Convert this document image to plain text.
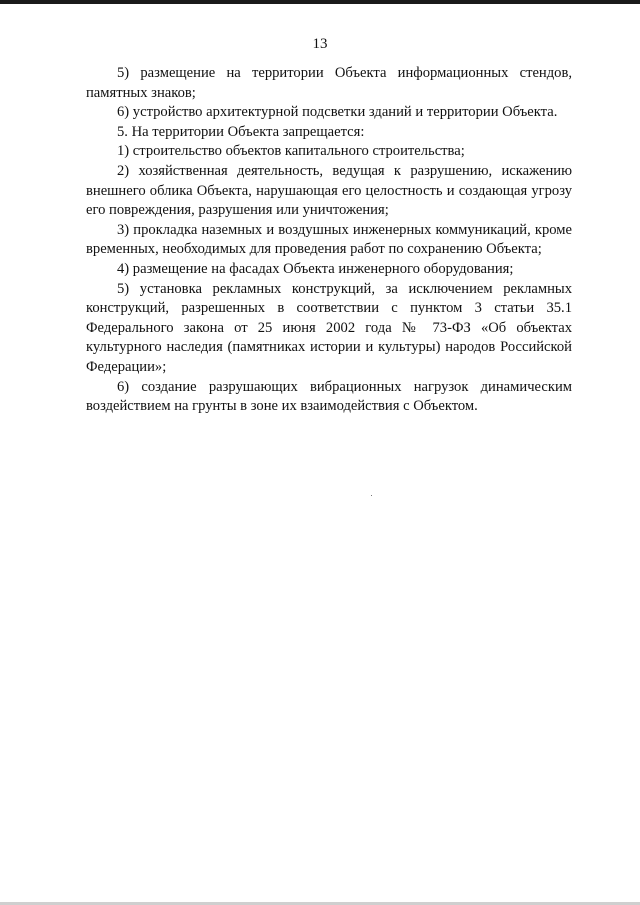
13

5) размещение на территории Объекта информационных стендов, памятных знаков;

6) устройство архитектурной подсветки зданий и территории Объекта.

5. На территории Объекта запрещается:

1) строительство объектов капитального строительства;

2) хозяйственная деятельность, ведущая к разрушению, искажению внешнего облика Объекта, нарушающая его целостность и создающая угрозу его повреждения, разрушения или уничтожения;

3) прокладка наземных и воздушных инженерных коммуникаций, кроме временных, необходимых для проведения работ по сохранению Объекта;

4) размещение на фасадах Объекта инженерного оборудования;

5) установка рекламных конструкций, за исключением рекламных конструкций, разрешенных в соответствии с пунктом 3 статьи 35.1 Федерального закона от 25 июня 2002 года № 73-ФЗ «Об объектах культурного наследия (памятниках истории и культуры) народов Российской Федерации»;

6) создание разрушающих вибрационных нагрузок динамическим воздействием на грунты в зоне их взаимодействия с Объектом.
